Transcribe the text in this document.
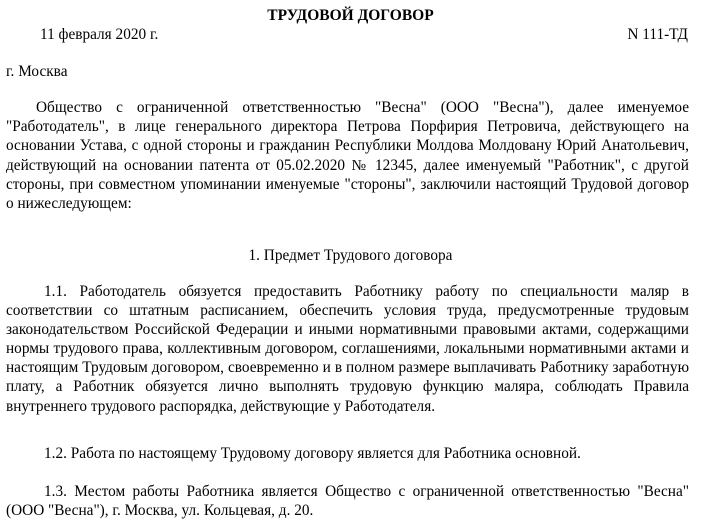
ТРУДОВОЙ ДОГОВОР
11 февраля 2020 г.	N 111-ТД

г. Москва

Общество с ограниченной ответственностью "Весна" (ООО "Весна"), далее именуемое "Работодатель", в лице генерального директора Петрова Порфирия Петровича, действующего на основании Устава, с одной стороны и гражданин Республики Молдова Молдовану Юрий Анатольевич, действующий на основании патента от 05.02.2020 № 12345, далее именуемый "Работник", с другой стороны, при совместном упоминании именуемые "стороны", заключили настоящий Трудовой договор о нижеследующем:

1. Предмет Трудового договора

1.1. Работодатель обязуется предоставить Работнику работу по специальности маляр в соответствии со штатным расписанием, обеспечить условия труда, предусмотренные трудовым законодательством Российской Федерации и иными нормативными правовыми актами, содержащими нормы трудового права, коллективным договором, соглашениями, локальными нормативными актами и настоящим Трудовым договором, своевременно и в полном размере выплачивать Работнику заработную плату, а Работник обязуется лично выполнять трудовую функцию маляра, соблюдать Правила внутреннего трудового распорядка, действующие у Работодателя.

1.2. Работа по настоящему Трудовому договору является для Работника основной.

1.3. Местом работы Работника является Общество с ограниченной ответственностью "Весна" (ООО "Весна"), г. Москва, ул. Кольцевая, д. 20.
